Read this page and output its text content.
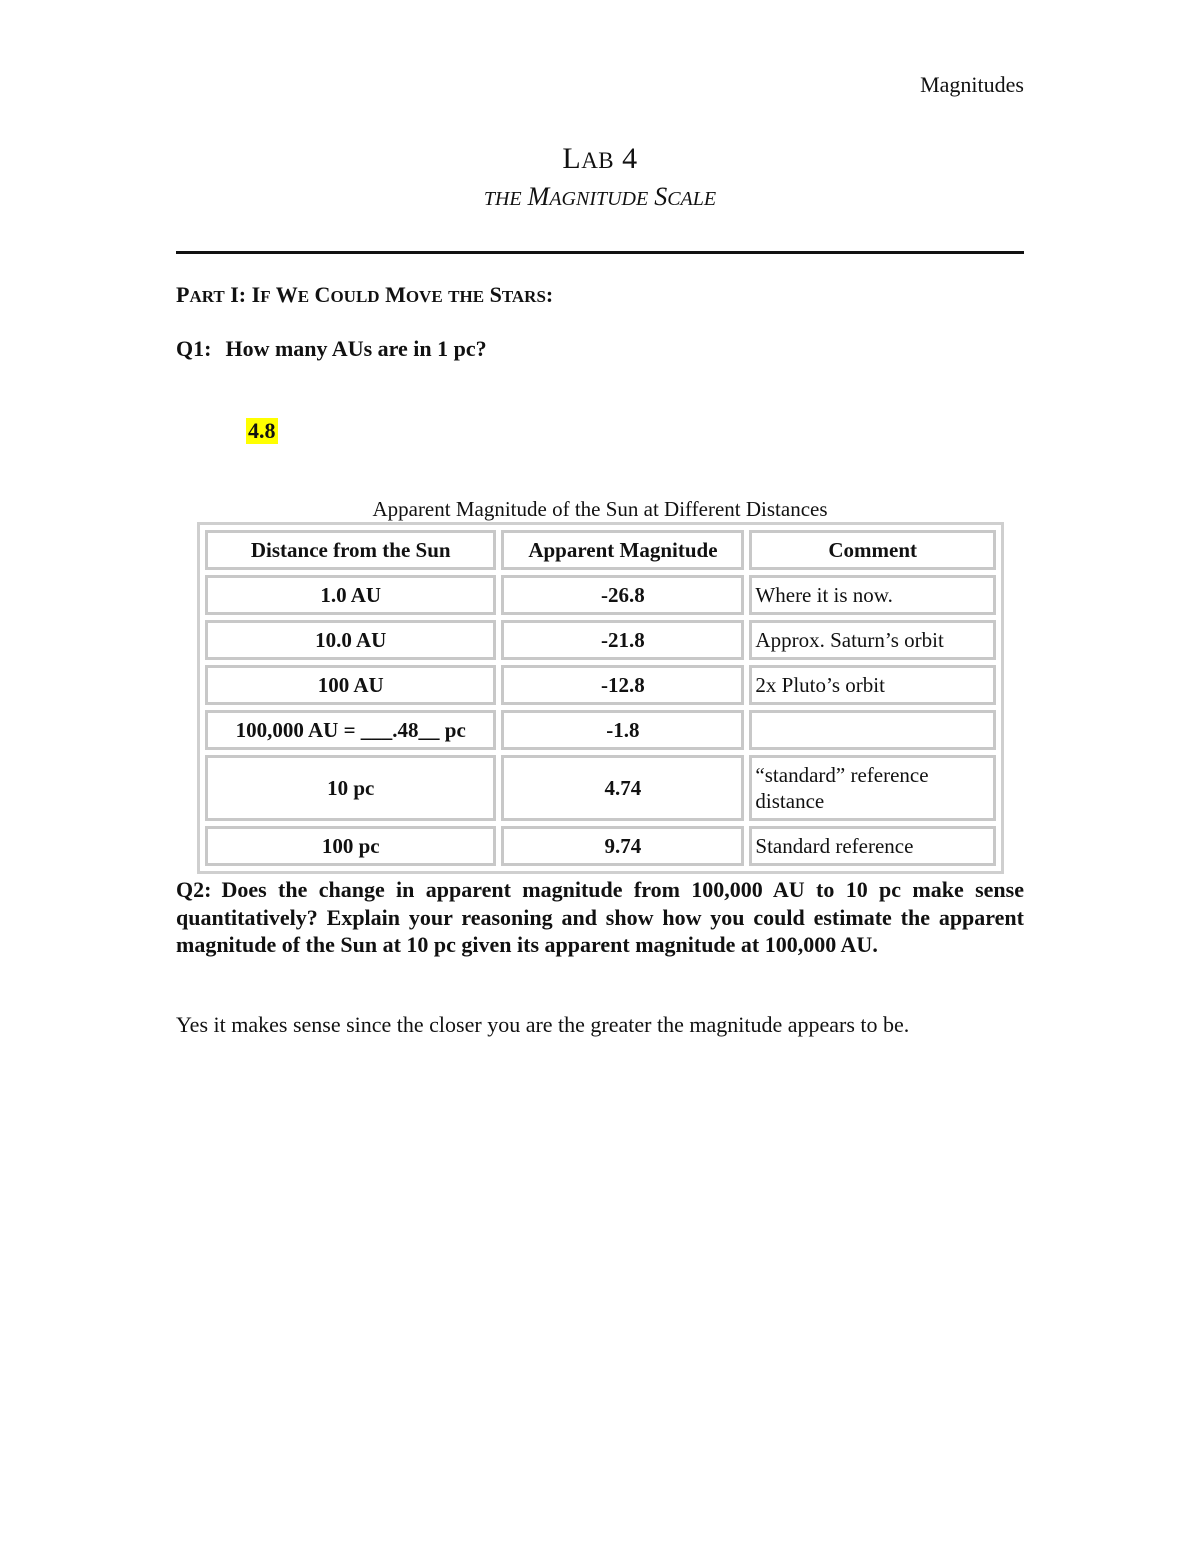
Magnitudes
LAB 4
THE MAGNITUDE SCALE
PART I: IF WE COULD MOVE THE STARS:
Q1: How many AUs are in 1 pc?
4.8
Apparent Magnitude of the Sun at Different Distances
Distance from the Sun	Apparent Magnitude	Comment
1.0 AU	-26.8	Where it is now.
10.0 AU	-21.8	Approx. Saturn’s orbit
100 AU	-12.8	2x Pluto’s orbit
100,000 AU = ___.48__ pc	-1.8	
10 pc	4.74	“standard” reference distance
100 pc	9.74	Standard reference
Q2: Does the change in apparent magnitude from 100,000 AU to 10 pc make sense quantitatively? Explain your reasoning and show how you could estimate the apparent magnitude of the Sun at 10 pc given its apparent magnitude at 100,000 AU.
Yes it makes sense since the closer you are the greater the magnitude appears to be.
